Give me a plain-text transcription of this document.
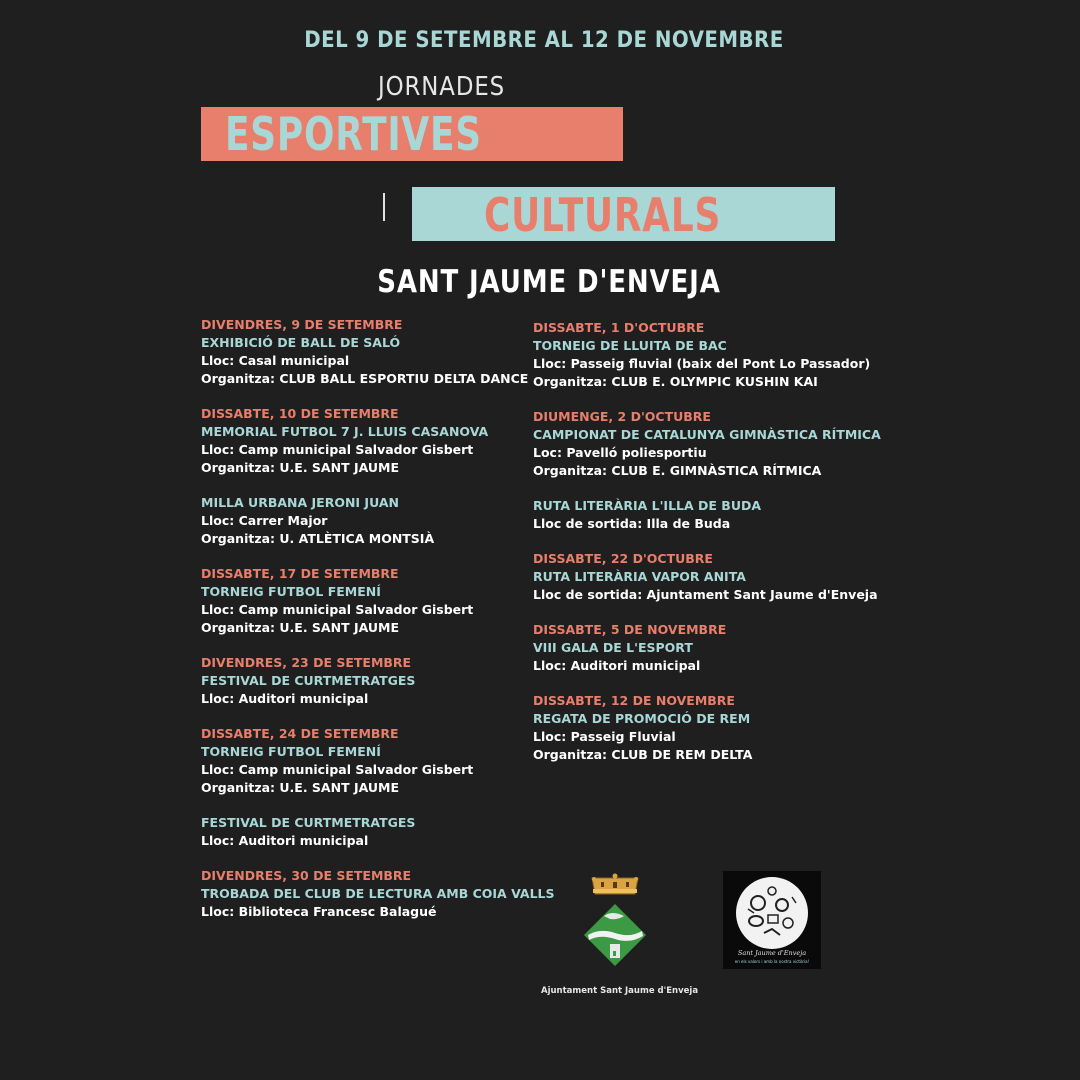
DEL 9 DE SETEMBRE AL 12 DE NOVEMBRE
JORNADES
ESPORTIVES
CULTURALS
SANT JAUME D'ENVEJA
DIVENDRES, 9 DE SETEMBRE
EXHIBICIÓ DE BALL DE SALÓ
Lloc: Casal municipal
Organitza: CLUB BALL ESPORTIU DELTA DANCE
DISSABTE, 10 DE SETEMBRE
MEMORIAL FUTBOL 7 J. LLUIS CASANOVA
Lloc: Camp municipal Salvador Gisbert
Organitza: U.E. SANT JAUME
MILLA URBANA JERONI JUAN
Lloc: Carrer Major
Organitza: U. ATLÈTICA MONTSIÀ
DISSABTE, 17 DE SETEMBRE
TORNEIG FUTBOL FEMENÍ
Lloc: Camp municipal Salvador Gisbert
Organitza: U.E. SANT JAUME
DIVENDRES, 23 DE SETEMBRE
FESTIVAL DE CURTMETRATGES
Lloc: Auditori municipal
DISSABTE, 24 DE SETEMBRE
TORNEIG FUTBOL FEMENÍ
Lloc: Camp municipal Salvador Gisbert
Organitza: U.E. SANT JAUME
FESTIVAL DE CURTMETRATGES
Lloc: Auditori municipal
DIVENDRES, 30 DE SETEMBRE
TROBADA DEL CLUB DE LECTURA AMB COIA VALLS
Lloc: Biblioteca Francesc Balagué
DISSABTE, 1 D'OCTUBRE
TORNEIG DE LLUITA DE BAC
Lloc: Passeig fluvial (baix del Pont Lo Passador)
Organitza: CLUB E. OLYMPIC KUSHIN KAI
DIUMENGE, 2 D'OCTUBRE
CAMPIONAT DE CATALUNYA GIMNÀSTICA RÍTMICA
Loc: Pavelló poliesportiu
Organitza: CLUB E. GIMNÀSTICA RÍTMICA
RUTA LITERÀRIA L'ILLA DE BUDA
Lloc de sortida: Illa de Buda
DISSABTE, 22 D'OCTUBRE
RUTA LITERÀRIA VAPOR ANITA
Lloc de sortida: Ajuntament Sant Jaume d'Enveja
DISSABTE, 5 DE NOVEMBRE
VIII GALA DE L'ESPORT
Lloc: Auditori municipal
DISSABTE, 12 DE NOVEMBRE
REGATA DE PROMOCIÓ DE REM
Lloc: Passeig Fluvial
Organitza: CLUB DE REM DELTA
Sant Jaume d'Enveja
en els valors i amb la nostra victòria!
Ajuntament Sant Jaume d'Enveja
